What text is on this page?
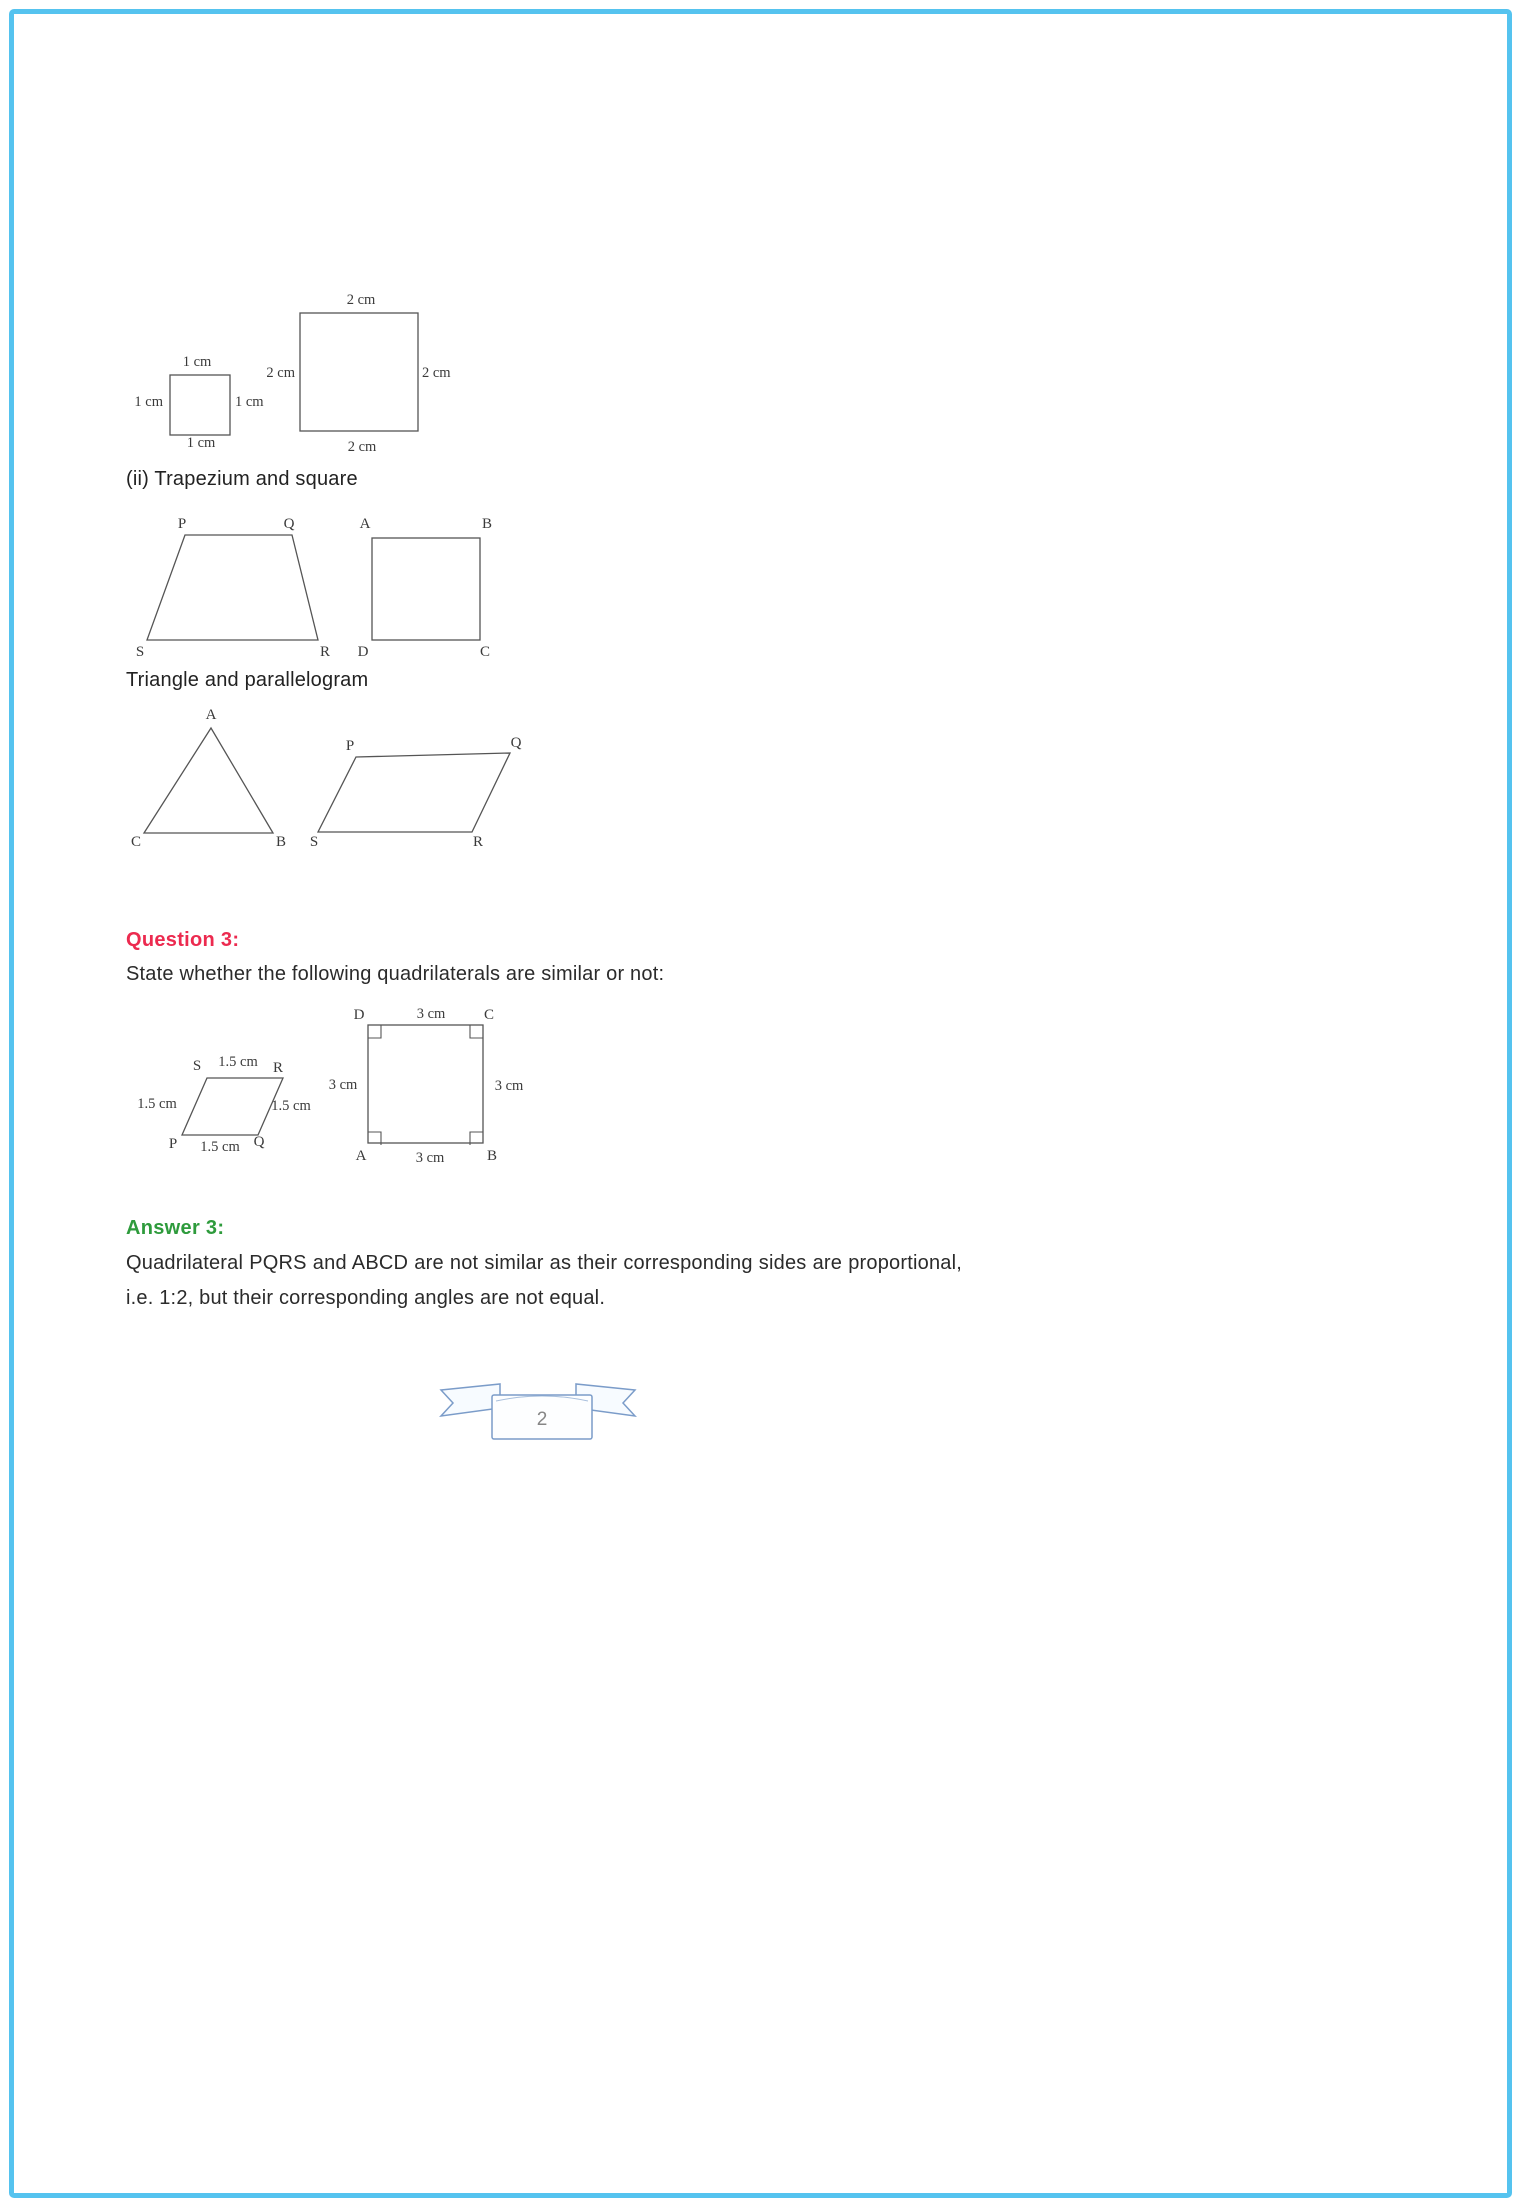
1 cm
1 cm	1 cm
1 cm
2 cm
2 cm	2 cm
2 cm
(ii) Trapezium and square
P	Q
S	R
A	B
D	C
Triangle and parallelogram
A
C	B
P	Q
S	R
Question 3:
State whether the following quadrilaterals are similar or not:
S	R
P	Q
1.5 cm
1.5 cm	1.5 cm
1.5 cm
D	C
A	B
3 cm
3 cm	3 cm
3 cm
Answer 3:
Quadrilateral PQRS and ABCD are not similar as their corresponding sides are proportional, i.e. 1:2, but their corresponding angles are not equal.
2
